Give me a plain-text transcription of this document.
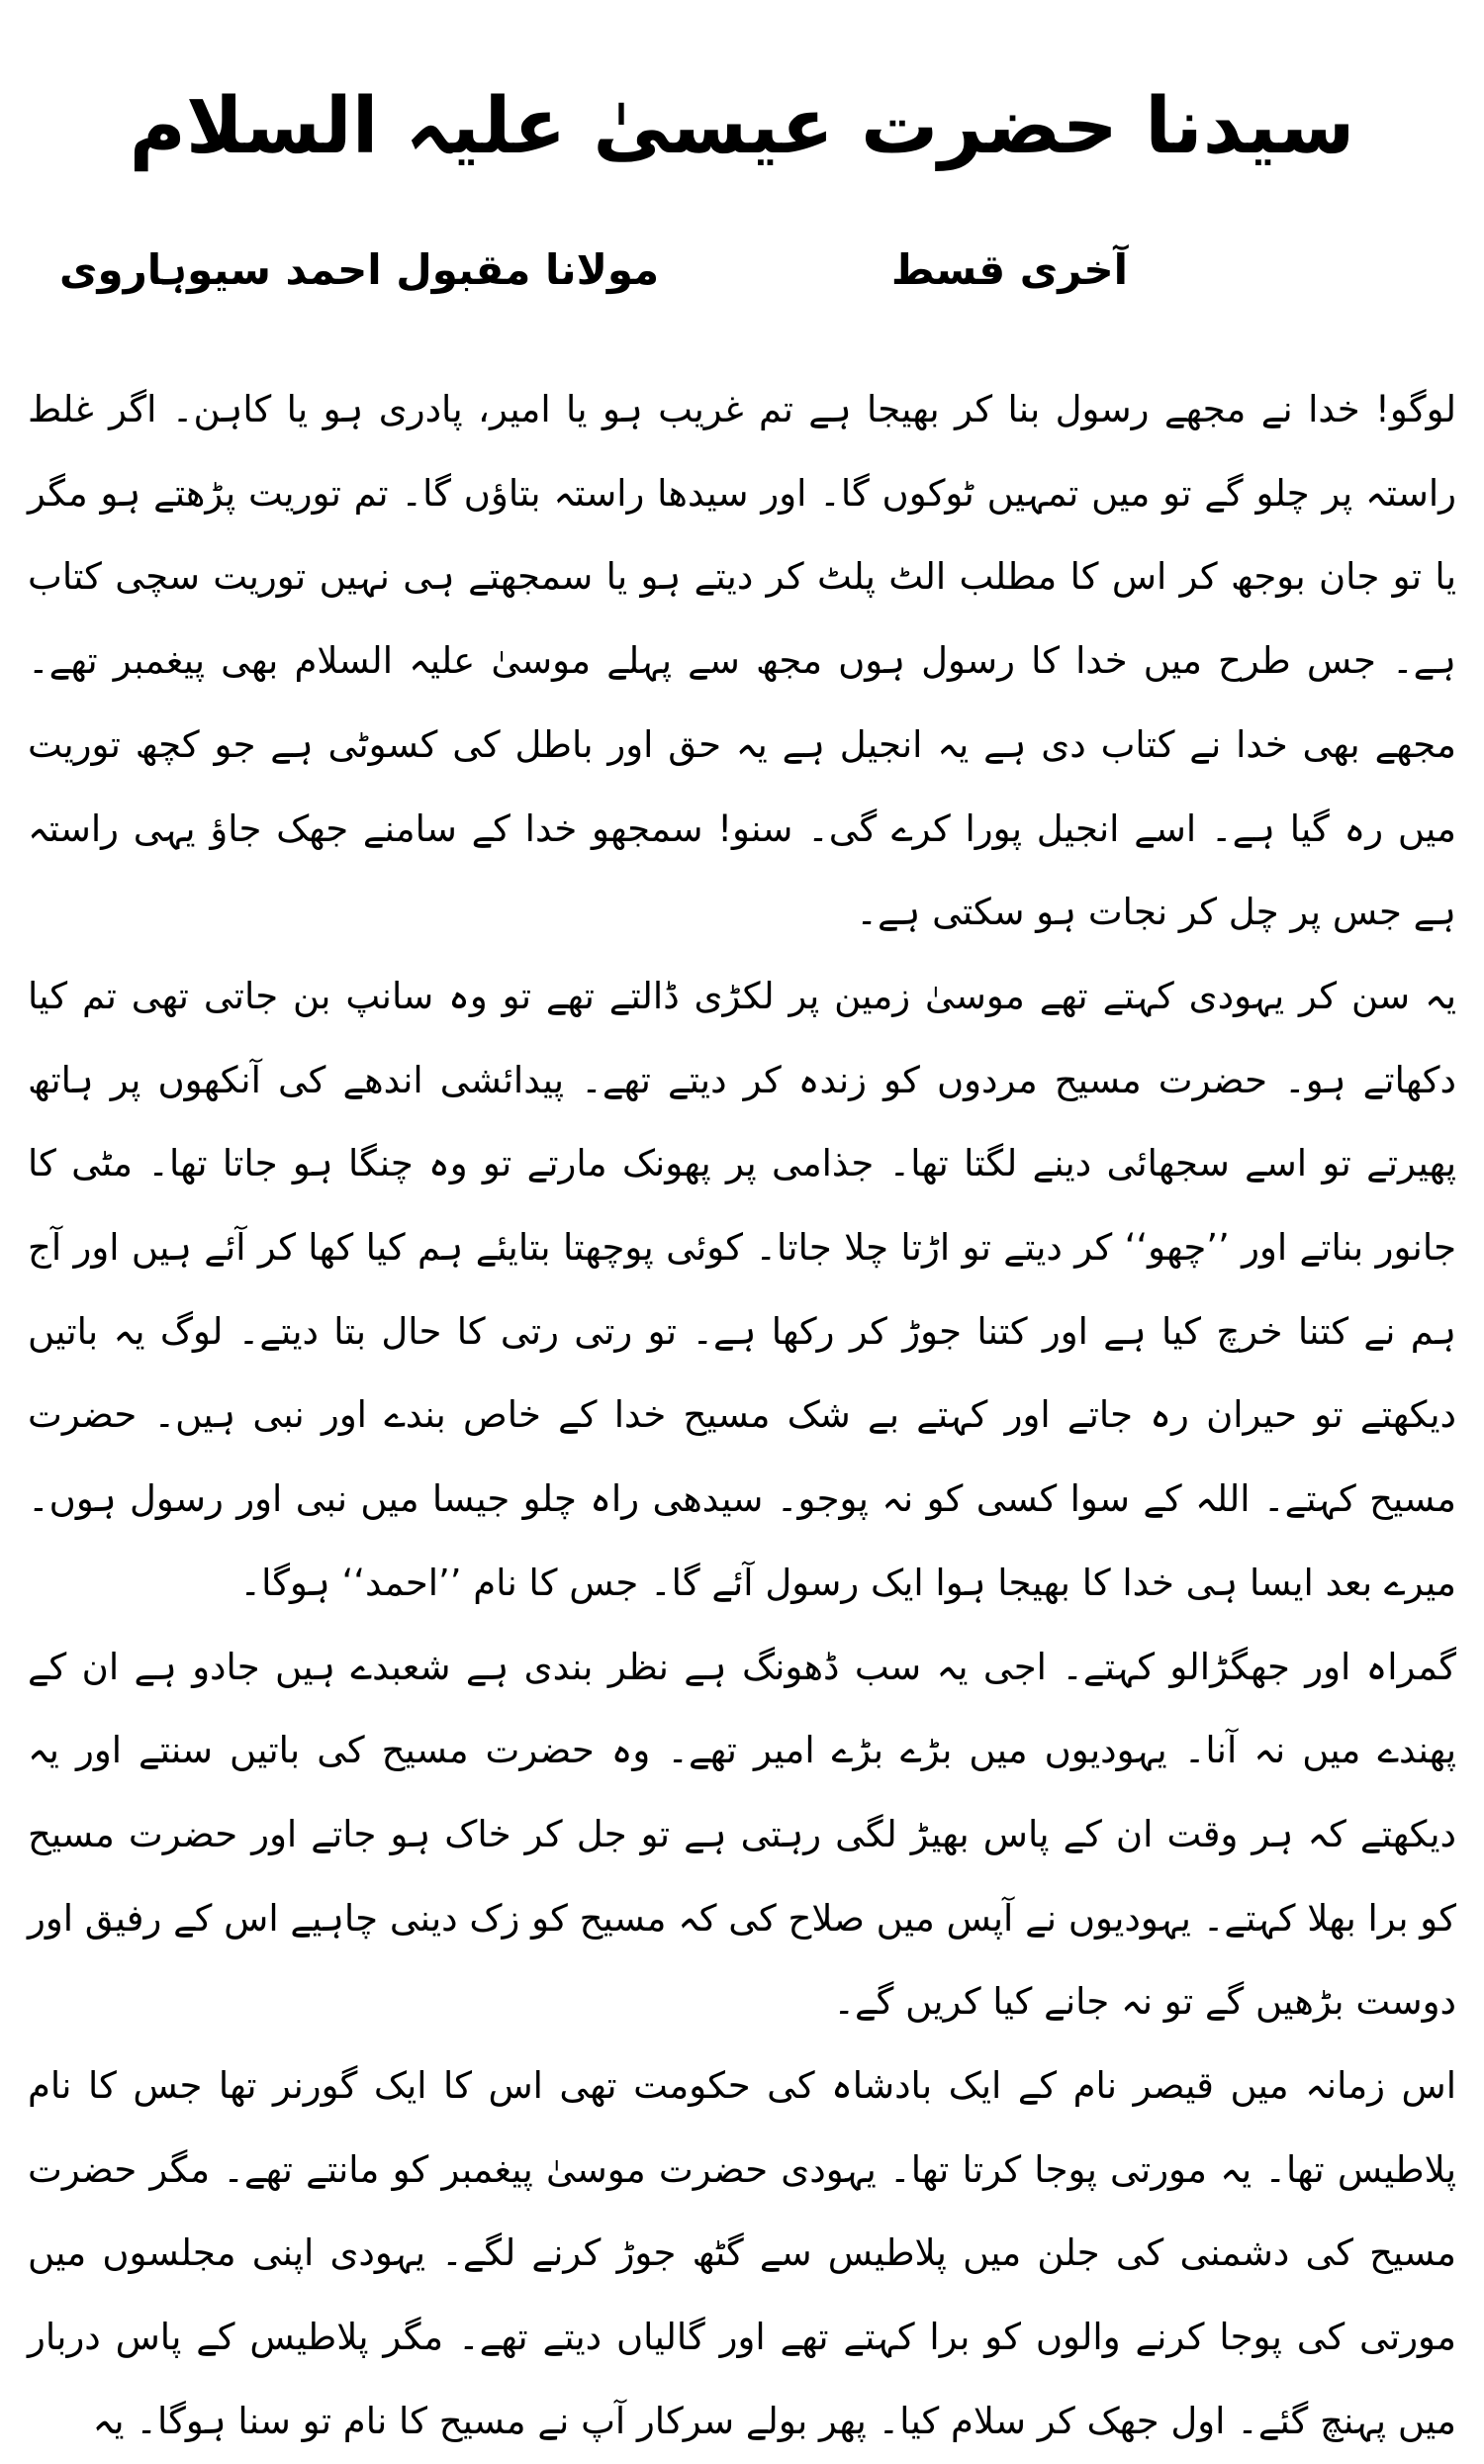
سیدنا حضرت عیسیٰ علیہ السلام
آخری قسط
مولانا مقبول احمد سیوہاروی

لوگو! خدا نے مجھے رسول بنا کر بھیجا ہے تم غریب ہو یا امیر، پادری ہو یا کاہن۔ اگر غلط راستہ پر چلو گے تو میں تمہیں ٹوکوں گا۔ اور سیدھا راستہ بتاؤں گا۔ تم توریت پڑھتے ہو مگر یا تو جان بوجھ کر اس کا مطلب الٹ پلٹ کر دیتے ہو یا سمجھتے ہی نہیں توریت سچی کتاب ہے۔ جس طرح میں خدا کا رسول ہوں مجھ سے پہلے موسیٰ علیہ السلام بھی پیغمبر تھے۔ مجھے بھی خدا نے کتاب دی ہے یہ انجیل ہے یہ حق اور باطل کی کسوٹی ہے جو کچھ توریت میں رہ گیا ہے۔ اسے انجیل پورا کرے گی۔ سنو! سمجھو خدا کے سامنے جھک جاؤ یہی راستہ ہے جس پر چل کر نجات ہو سکتی ہے۔

یہ سن کر یہودی کہتے تھے موسیٰ زمین پر لکڑی ڈالتے تھے تو وہ سانپ بن جاتی تھی تم کیا دکھاتے ہو۔ حضرت مسیح مردوں کو زندہ کر دیتے تھے۔ پیدائشی اندھے کی آنکھوں پر ہاتھ پھیرتے تو اسے سجھائی دینے لگتا تھا۔ جذامی پر پھونک مارتے تو وہ چنگا ہو جاتا تھا۔ مٹی کا جانور بناتے اور ’’چھو‘‘ کر دیتے تو اڑتا چلا جاتا۔ کوئی پوچھتا بتایئے ہم کیا کھا کر آئے ہیں اور آج ہم نے کتنا خرچ کیا ہے اور کتنا جوڑ کر رکھا ہے۔ تو رتی رتی کا حال بتا دیتے۔ لوگ یہ باتیں دیکھتے تو حیران رہ جاتے اور کہتے بے شک مسیح خدا کے خاص بندے اور نبی ہیں۔ حضرت مسیح کہتے۔ اللہ کے سوا کسی کو نہ پوجو۔ سیدھی راہ چلو جیسا میں نبی اور رسول ہوں۔ میرے بعد ایسا ہی خدا کا بھیجا ہوا ایک رسول آئے گا۔ جس کا نام ’’احمد‘‘ ہوگا۔

گمراہ اور جھگڑالو کہتے۔ اجی یہ سب ڈھونگ ہے نظر بندی ہے شعبدے ہیں جادو ہے ان کے پھندے میں نہ آنا۔ یہودیوں میں بڑے بڑے امیر تھے۔ وہ حضرت مسیح کی باتیں سنتے اور یہ دیکھتے کہ ہر وقت ان کے پاس بھیڑ لگی رہتی ہے تو جل کر خاک ہو جاتے اور حضرت مسیح کو برا بھلا کہتے۔ یہودیوں نے آپس میں صلاح کی کہ مسیح کو زک دینی چاہیے اس کے رفیق اور دوست بڑھیں گے تو نہ جانے کیا کریں گے۔

اس زمانہ میں قیصر نام کے ایک بادشاہ کی حکومت تھی اس کا ایک گورنر تھا جس کا نام پلاطیس تھا۔ یہ مورتی پوجا کرتا تھا۔ یہودی حضرت موسیٰ پیغمبر کو مانتے تھے۔ مگر حضرت مسیح کی دشمنی کی جلن میں پلاطیس سے گٹھ جوڑ کرنے لگے۔ یہودی اپنی مجلسوں میں مورتی کی پوجا کرنے والوں کو برا کہتے تھے اور گالیاں دیتے تھے۔ مگر پلاطیس کے پاس دربار میں پہنچ گئے۔ اول جھک کر سلام کیا۔ پھر بولے سرکار آپ نے مسیح کا نام تو سنا ہوگا۔ یہ
